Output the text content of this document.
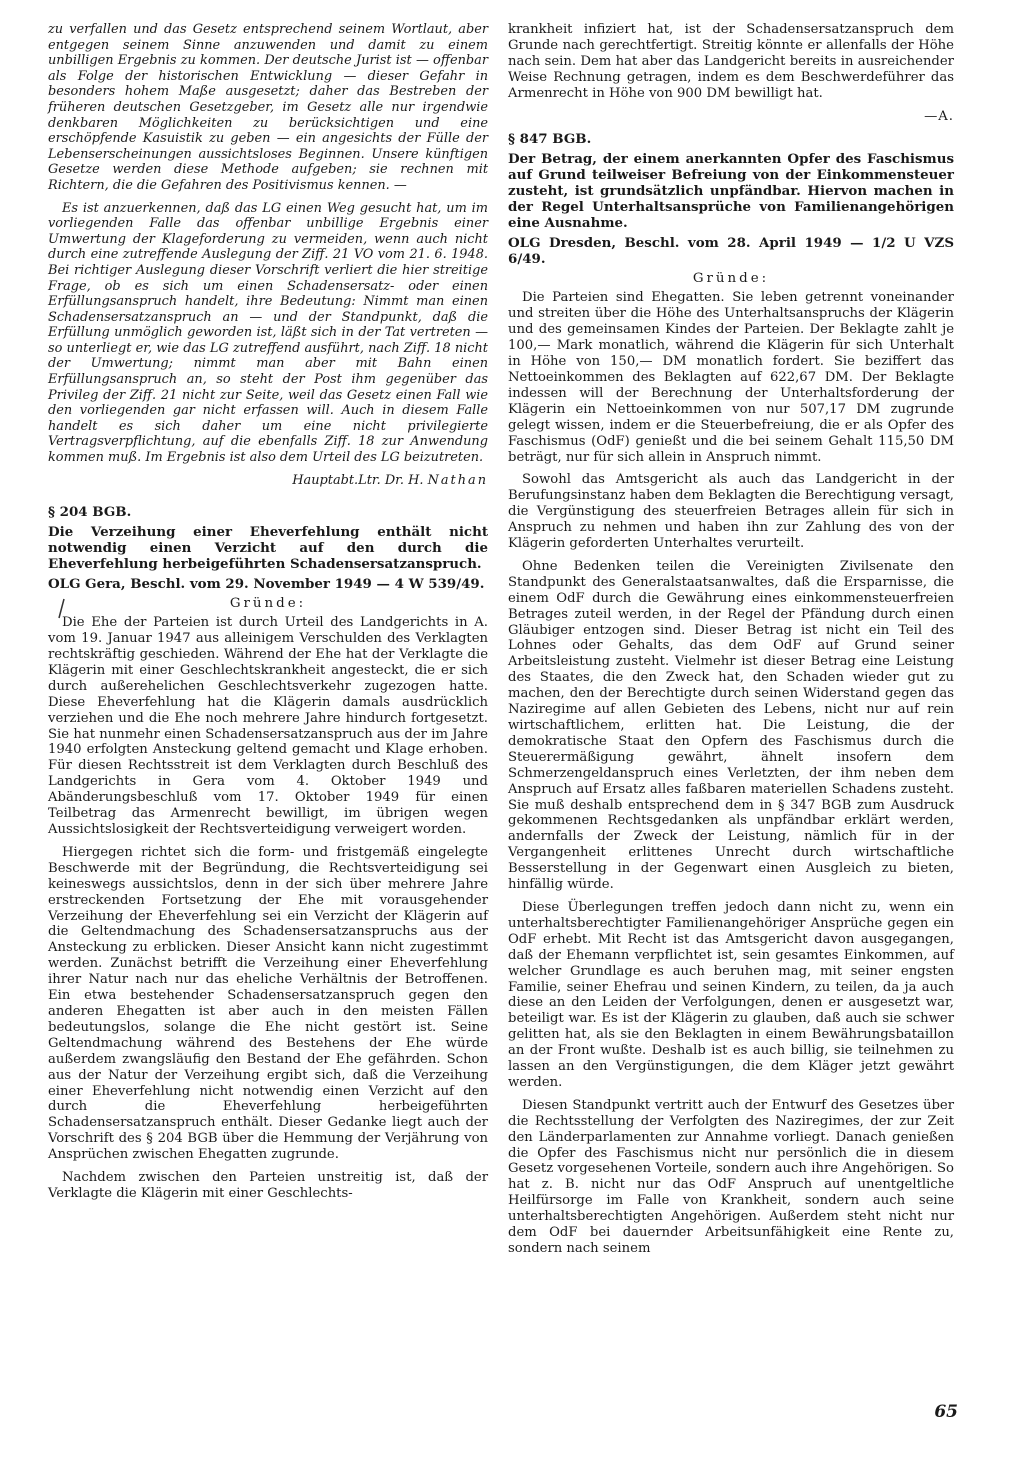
zu verfallen und das Gesetz entsprechend seinem Wortlaut, aber entgegen seinem Sinne anzuwenden und damit zu einem unbilligen Ergebnis zu kommen. Der deutsche Jurist ist — offenbar als Folge der historischen Entwicklung — dieser Gefahr in besonders hohem Maße ausgesetzt; daher das Bestreben der früheren deutschen Gesetzgeber, im Gesetz alle nur irgendwie denkbaren Möglichkeiten zu berücksichtigen und eine erschöpfende Kasuistik zu geben — ein angesichts der Fülle der Lebenserscheinungen aussichtsloses Beginnen. Unsere künftigen Gesetze werden diese Methode aufgeben; sie rechnen mit Richtern, die die Gefahren des Positivismus kennen. —

Es ist anzuerkennen, daß das LG einen Weg gesucht hat, um im vorliegenden Falle das offenbar unbillige Ergebnis einer Umwertung der Klageforderung zu vermeiden, wenn auch nicht durch eine zutreffende Auslegung der Ziff. 21 VO vom 21. 6. 1948. Bei richtiger Auslegung dieser Vorschrift verliert die hier streitige Frage, ob es sich um einen Schadensersatz- oder einen Erfüllungsanspruch handelt, ihre Bedeutung: Nimmt man einen Schadensersatzanspruch an — und der Standpunkt, daß die Erfüllung unmöglich geworden ist, läßt sich in der Tat vertreten — so unterliegt er, wie das LG zutreffend ausführt, nach Ziff. 18 nicht der Umwertung; nimmt man aber mit Bahn einen Erfüllungsanspruch an, so steht der Post ihm gegenüber das Privileg der Ziff. 21 nicht zur Seite, weil das Gesetz einen Fall wie den vorliegenden gar nicht erfassen will. Auch in diesem Falle handelt es sich daher um eine nicht privilegierte Vertragsverpflichtung, auf die ebenfalls Ziff. 18 zur Anwendung kommen muß. Im Ergebnis ist also dem Urteil des LG beizutreten.

Hauptabt.Ltr. Dr. H. Nathan
§ 204 BGB.
Die Verzeihung einer Eheverfehlung enthält nicht notwendig einen Verzicht auf den durch die Eheverfehlung herbeigeführten Schadensersatzanspruch.
OLG Gera, Beschl. vom 29. November 1949 — 4 W 539/49.
Gründe:

Die Ehe der Parteien ist durch Urteil des Landgerichts in A. vom 19. Januar 1947 aus alleinigem Verschulden des Verklagten rechtskräftig geschieden. Während der Ehe hat der Verklagte die Klägerin mit einer Geschlechtskrankheit angesteckt, die er sich durch außerehelichen Geschlechtsverkehr zugezogen hatte. Diese Eheverfehlung hat die Klägerin damals ausdrücklich verziehen und die Ehe noch mehrere Jahre hindurch fortgesetzt. Sie hat nunmehr einen Schadensersatzanspruch aus der im Jahre 1940 erfolgten Ansteckung geltend gemacht und Klage erhoben. Für diesen Rechtsstreit ist dem Verklagten durch Beschluß des Landgerichts in Gera vom 4. Oktober 1949 und Abänderungsbeschluß vom 17. Oktober 1949 für einen Teilbetrag das Armenrecht bewilligt, im übrigen wegen Aussichtslosigkeit der Rechtsverteidigung verweigert worden.

Hiergegen richtet sich die form- und fristgemäß eingelegte Beschwerde mit der Begründung, die Rechtsverteidigung sei keineswegs aussichtslos, denn in der sich über mehrere Jahre erstreckenden Fortsetzung der Ehe mit vorausgehender Verzeihung der Eheverfehlung sei ein Verzicht der Klägerin auf die Geltendmachung des Schadensersatzanspruchs aus der Ansteckung zu erblicken. Dieser Ansicht kann nicht zugestimmt werden. Zunächst betrifft die Verzeihung einer Eheverfehlung ihrer Natur nach nur das eheliche Verhältnis der Betroffenen. Ein etwa bestehender Schadensersatzanspruch gegen den anderen Ehegatten ist aber auch in den meisten Fällen bedeutungslos, solange die Ehe nicht gestört ist. Seine Geltendmachung während des Bestehens der Ehe würde außerdem zwangsläufig den Bestand der Ehe gefährden. Schon aus der Natur der Verzeihung ergibt sich, daß die Verzeihung einer Eheverfehlung nicht notwendig einen Verzicht auf den durch die Eheverfehlung herbeigeführten Schadensersatzanspruch enthält. Dieser Gedanke liegt auch der Vorschrift des § 204 BGB über die Hemmung der Verjährung von Ansprüchen zwischen Ehegatten zugrunde.

Nachdem zwischen den Parteien unstreitig ist, daß der Verklagte die Klägerin mit einer Geschlechts-

krankheit infiziert hat, ist der Schadensersatzanspruch dem Grunde nach gerechtfertigt. Streitig könnte er allenfalls der Höhe nach sein. Dem hat aber das Landgericht bereits in ausreichender Weise Rechnung getragen, indem es dem Beschwerdeführer das Armenrecht in Höhe von 900 DM bewilligt hat.

—A.

§ 847 BGB.
Der Betrag, der einem anerkannten Opfer des Faschismus auf Grund teilweiser Befreiung von der Einkommensteuer zusteht, ist grundsätzlich unpfändbar. Hiervon machen in der Regel Unterhaltsansprüche von Familienangehörigen eine Ausnahme.
OLG Dresden, Beschl. vom 28. April 1949 — 1/2 U VZS 6/49.
Gründe:

Die Parteien sind Ehegatten. Sie leben getrennt voneinander und streiten über die Höhe des Unterhaltsanspruchs der Klägerin und des gemeinsamen Kindes der Parteien. Der Beklagte zahlt je 100,— Mark monatlich, während die Klägerin für sich Unterhalt in Höhe von 150,— DM monatlich fordert. Sie beziffert das Nettoeinkommen des Beklagten auf 622,67 DM. Der Beklagte indessen will der Berechnung der Unterhaltsforderung der Klägerin ein Nettoeinkommen von nur 507,17 DM zugrunde gelegt wissen, indem er die Steuerbefreiung, die er als Opfer des Faschismus (OdF) genießt und die bei seinem Gehalt 115,50 DM beträgt, nur für sich allein in Anspruch nimmt.

Sowohl das Amtsgericht als auch das Landgericht in der Berufungsinstanz haben dem Beklagten die Berechtigung versagt, die Vergünstigung des steuerfreien Betrages allein für sich in Anspruch zu nehmen und haben ihn zur Zahlung des von der Klägerin geforderten Unterhaltes verurteilt.

Ohne Bedenken teilen die Vereinigten Zivilsenate den Standpunkt des Generalstaatsanwaltes, daß die Ersparnisse, die einem OdF durch die Gewährung eines einkommensteuerfreien Betrages zuteil werden, in der Regel der Pfändung durch einen Gläubiger entzogen sind. Dieser Betrag ist nicht ein Teil des Lohnes oder Gehalts, das dem OdF auf Grund seiner Arbeitsleistung zusteht. Vielmehr ist dieser Betrag eine Leistung des Staates, die den Zweck hat, den Schaden wieder gut zu machen, den der Berechtigte durch seinen Widerstand gegen das Naziregime auf allen Gebieten des Lebens, nicht nur auf rein wirtschaftlichem, erlitten hat. Die Leistung, die der demokratische Staat den Opfern des Faschismus durch die Steuerermäßigung gewährt, ähnelt insofern dem Schmerzengeldanspruch eines Verletzten, der ihm neben dem Anspruch auf Ersatz alles faßbaren materiellen Schadens zusteht. Sie muß deshalb entsprechend dem in § 347 BGB zum Ausdruck gekommenen Rechtsgedanken als unpfändbar erklärt werden, andernfalls der Zweck der Leistung, nämlich für in der Vergangenheit erlittenes Unrecht durch wirtschaftliche Besserstellung in der Gegenwart einen Ausgleich zu bieten, hinfällig würde.

Diese Überlegungen treffen jedoch dann nicht zu, wenn ein unterhaltsberechtigter Familienangehöriger Ansprüche gegen ein OdF erhebt. Mit Recht ist das Amtsgericht davon ausgegangen, daß der Ehemann verpflichtet ist, sein gesamtes Einkommen, auf welcher Grundlage es auch beruhen mag, mit seiner engsten Familie, seiner Ehefrau und seinen Kindern, zu teilen, da ja auch diese an den Leiden der Verfolgungen, denen er ausgesetzt war, beteiligt war. Es ist der Klägerin zu glauben, daß auch sie schwer gelitten hat, als sie den Beklagten in einem Bewährungsbataillon an der Front wußte. Deshalb ist es auch billig, sie teilnehmen zu lassen an den Vergünstigungen, die dem Kläger jetzt gewährt werden.

Diesen Standpunkt vertritt auch der Entwurf des Gesetzes über die Rechtsstellung der Verfolgten des Naziregimes, der zur Zeit den Länderparlamenten zur Annahme vorliegt. Danach genießen die Opfer des Faschismus nicht nur persönlich die in diesem Gesetz vorgesehenen Vorteile, sondern auch ihre Angehörigen. So hat z. B. nicht nur das OdF Anspruch auf unentgeltliche Heilfürsorge im Falle von Krankheit, sondern auch seine unterhaltsberechtigten Angehörigen. Außerdem steht nicht nur dem OdF bei dauernder Arbeitsunfähigkeit eine Rente zu, sondern nach seinem

65
